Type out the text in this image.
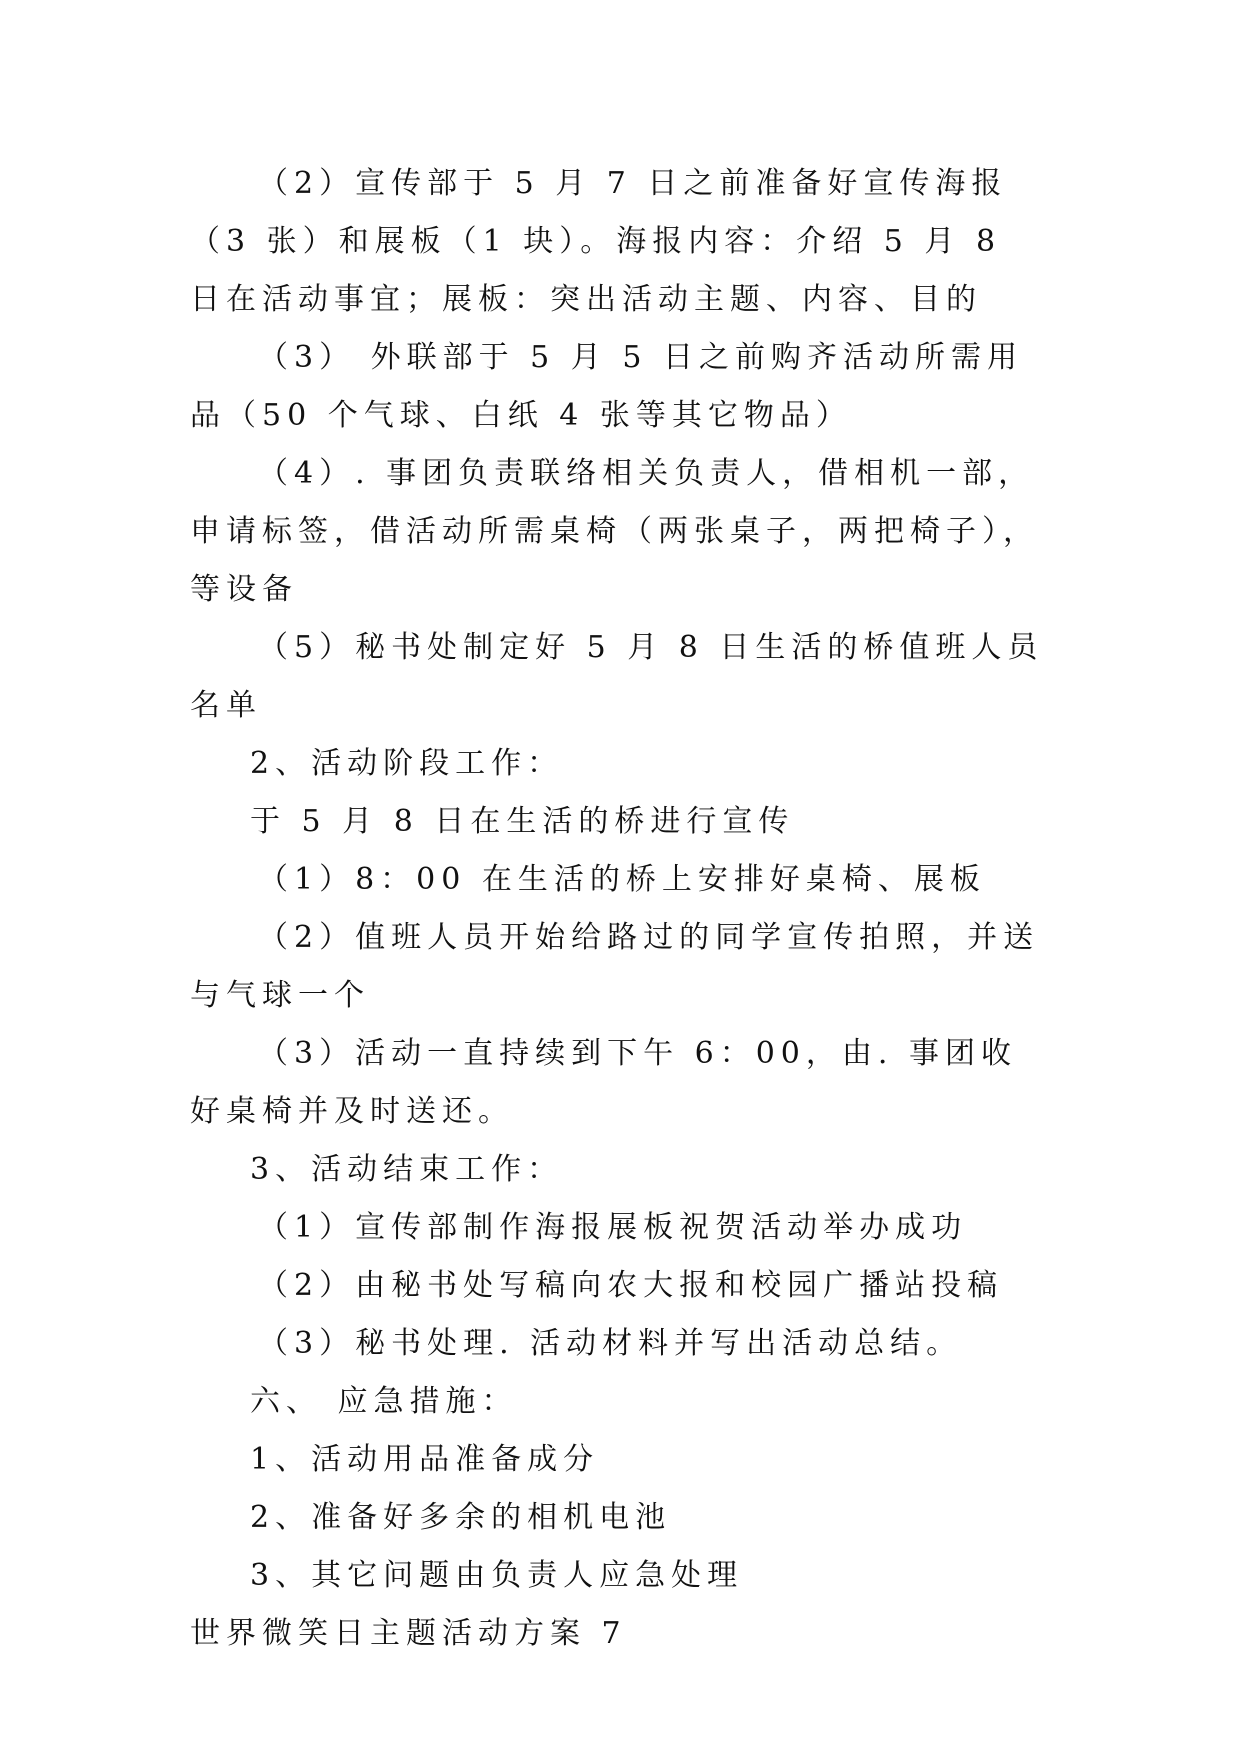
（2）宣传部于 5 月 7 日之前准备好宣传海报（3 张）和展板（1 块）。海报内容：介绍 5 月 8 日在活动事宜；展板：突出活动主题、内容、目的

（3） 外联部于 5 月 5 日之前购齐活动所需用品（50 个气球、白纸 4 张等其它物品）

（4）. 事团负责联络相关负责人，借相机一部，申请标签，借活动所需桌椅（两张桌子，两把椅子），等设备

（5）秘书处制定好 5 月 8 日生活的桥值班人员名单

2、活动阶段工作：

于 5 月 8 日在生活的桥进行宣传

（1）8：00 在生活的桥上安排好桌椅、展板

（2）值班人员开始给路过的同学宣传拍照，并送与气球一个

（3）活动一直持续到下午 6：00，由. 事团收好桌椅并及时送还。

3、活动结束工作：

（1）宣传部制作海报展板祝贺活动举办成功

（2）由秘书处写稿向农大报和校园广播站投稿

（3）秘书处理. 活动材料并写出活动总结。

六、 应急措施：

1、活动用品准备成分

2、准备好多余的相机电池

3、其它问题由负责人应急处理

世界微笑日主题活动方案 7
